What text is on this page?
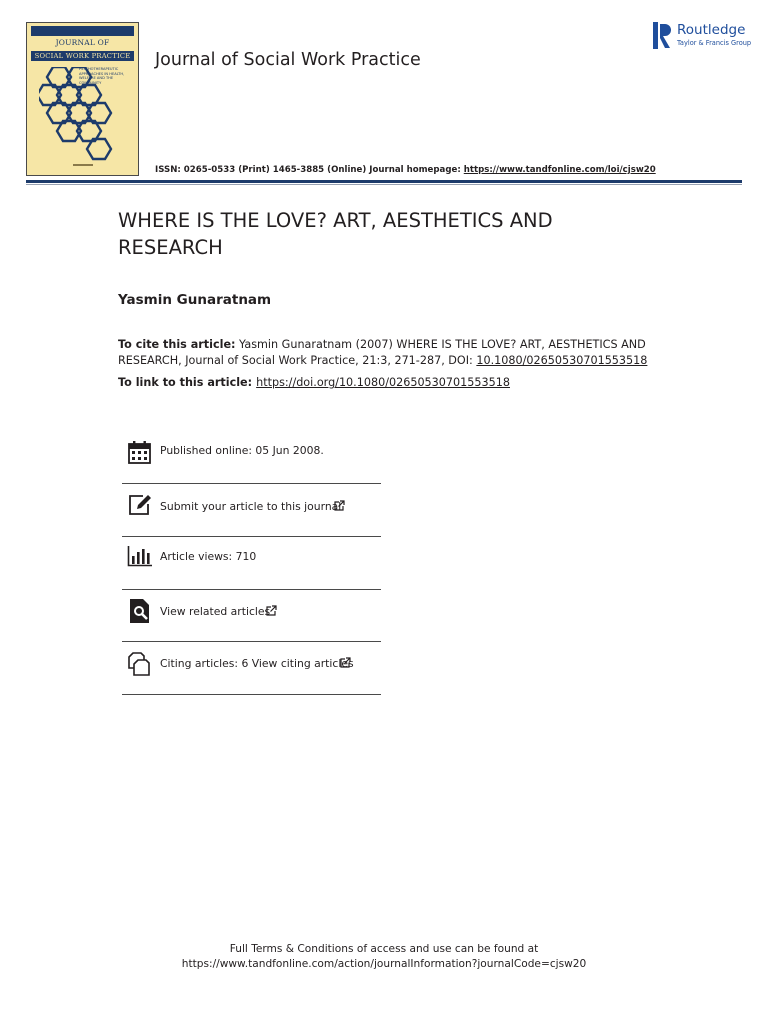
JOURNAL OF
SOCIAL WORK PRACTICE
PSYCHOTHERAPEUTIC APPROACHES IN HEALTH, WELFARE AND THE COMMUNITY
Journal of Social Work Practice
Routledge
Taylor & Francis Group
ISSN: 0265-0533 (Print) 1465-3885 (Online) Journal homepage: https://www.tandfonline.com/loi/cjsw20
WHERE IS THE LOVE? ART, AESTHETICS AND RESEARCH
Yasmin Gunaratnam
To cite this article: Yasmin Gunaratnam (2007) WHERE IS THE LOVE? ART, AESTHETICS AND RESEARCH, Journal of Social Work Practice, 21:3, 271-287, DOI: 10.1080/02650530701553518
To link to this article: https://doi.org/10.1080/02650530701553518
Published online: 05 Jun 2008.
Submit your article to this journal
Article views: 710
View related articles
Citing articles: 6 View citing articles
Full Terms & Conditions of access and use can be found at
https://www.tandfonline.com/action/journalInformation?journalCode=cjsw20
